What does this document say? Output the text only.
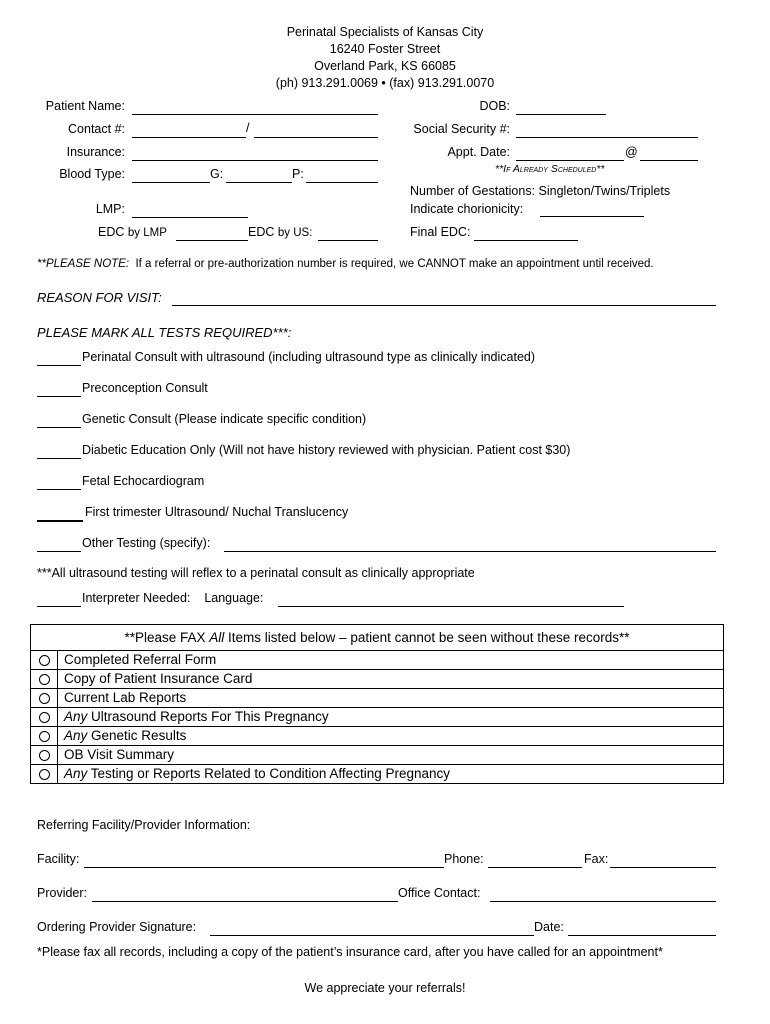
Perinatal Specialists of Kansas City
16240 Foster Street
Overland Park, KS 66085
(ph) 913.291.0069 • (fax) 913.291.0070
Patient Name:
Contact #:	/
Insurance:
Blood Type:	G:	P:
LMP:
EDC by LMP	EDC by US:
DOB:
Social Security #:
Appt. Date:	@
**If Already Scheduled**
Number of Gestations: Singleton/Twins/Triplets
Indicate chorionicity:
Final EDC:
**PLEASE NOTE: If a referral or pre-authorization number is required, we CANNOT make an appointment until received.
REASON FOR VISIT:
PLEASE MARK ALL TESTS REQUIRED***:
Perinatal Consult with ultrasound (including ultrasound type as clinically indicated)
Preconception Consult
Genetic Consult (Please indicate specific condition)
Diabetic Education Only (Will not have history reviewed with physician. Patient cost $30)
Fetal Echocardiogram
First trimester Ultrasound/ Nuchal Translucency
Other Testing (specify):
***All ultrasound testing will reflex to a perinatal consult as clinically appropriate
Interpreter Needed: Language:
**Please FAX All Items listed below – patient cannot be seen without these records**	
	Completed Referral Form
	Copy of Patient Insurance Card
	Current Lab Reports
	Any Ultrasound Reports For This Pregnancy
	Any Genetic Results
	OB Visit Summary
	Any Testing or Reports Related to Condition Affecting Pregnancy
Referring Facility/Provider Information:
Facility:	Phone:	Fax:
Provider:	Office Contact:
Ordering Provider Signature:	Date:
*Please fax all records, including a copy of the patient’s insurance card, after you have called for an appointment*
We appreciate your referrals!
